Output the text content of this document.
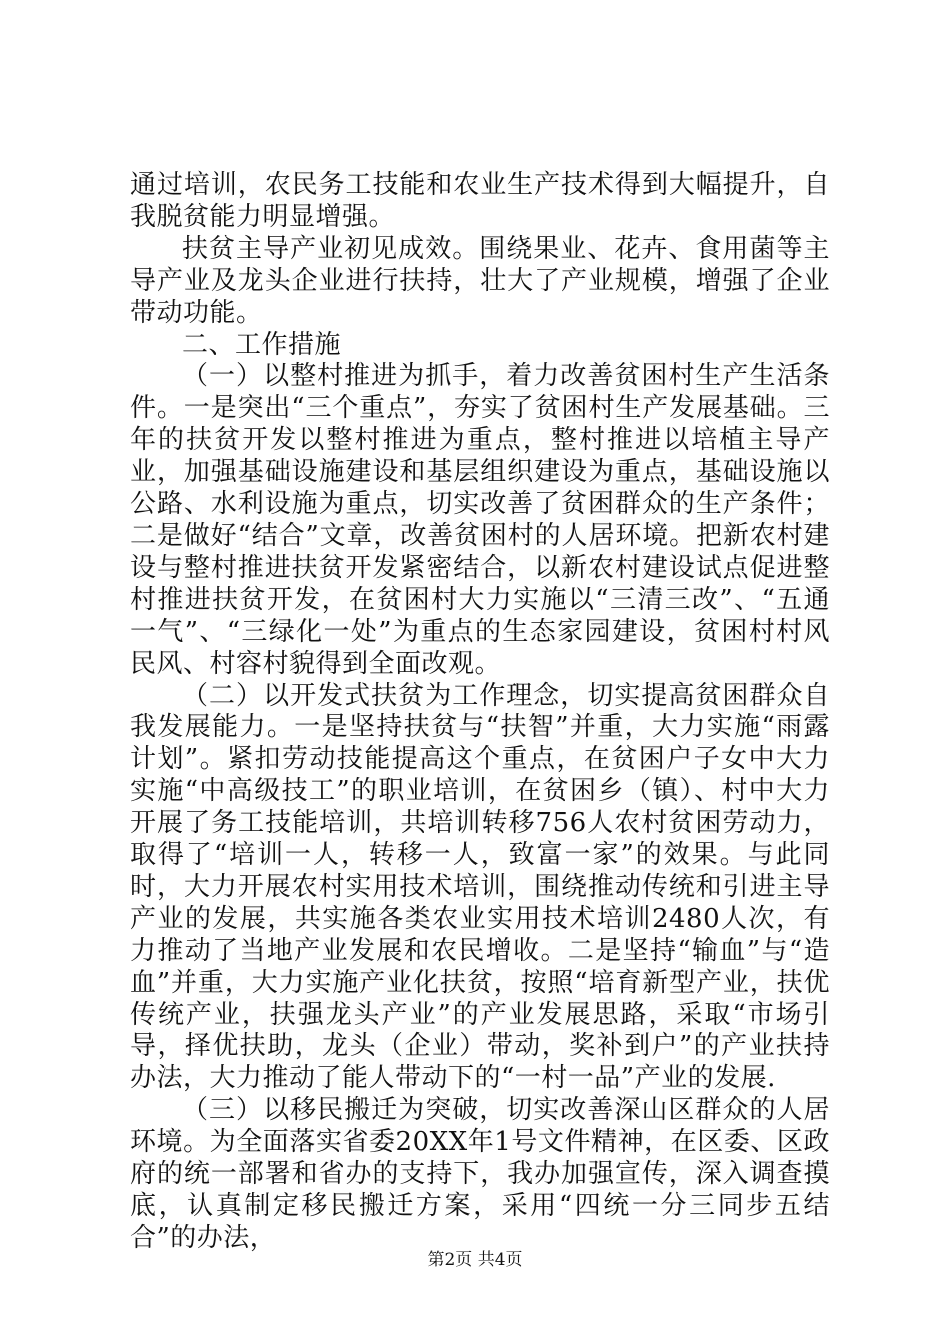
通过培训，农民务工技能和农业生产技术得到大幅提升，自我脱贫能力明显增强。

扶贫主导产业初见成效。围绕果业、花卉、食用菌等主导产业及龙头企业进行扶持，壮大了产业规模，增强了企业带动功能。

二、工作措施

（一）以整村推进为抓手，着力改善贫困村生产生活条件。一是突出“三个重点”，夯实了贫困村生产发展基础。三年的扶贫开发以整村推进为重点，整村推进以培植主导产业，加强基础设施建设和基层组织建设为重点，基础设施以公路、水利设施为重点，切实改善了贫困群众的生产条件；二是做好“结合”文章，改善贫困村的人居环境。把新农村建设与整村推进扶贫开发紧密结合，以新农村建设试点促进整村推进扶贫开发，在贫困村大力实施以“三清三改”、“五通一气”、“三绿化一处”为重点的生态家园建设，贫困村村风民风、村容村貌得到全面改观。

（二）以开发式扶贫为工作理念，切实提高贫困群众自我发展能力。一是坚持扶贫与“扶智”并重，大力实施“雨露计划”。紧扣劳动技能提高这个重点，在贫困户子女中大力实施“中高级技工”的职业培训，在贫困乡（镇）、村中大力开展了务工技能培训，共培训转移756人农村贫困劳动力，取得了“培训一人，转移一人，致富一家”的效果。与此同时，大力开展农村实用技术培训，围绕推动传统和引进主导产业的发展，共实施各类农业实用技术培训2480人次，有力推动了当地产业发展和农民增收。二是坚持“输血”与“造血”并重，大力实施产业化扶贫，按照“培育新型产业，扶优传统产业，扶强龙头产业”的产业发展思路，采取“市场引导，择优扶助，龙头（企业）带动，奖补到户”的产业扶持办法，大力推动了能人带动下的“一村一品”产业的发展.

（三）以移民搬迁为突破，切实改善深山区群众的人居环境。为全面落实省委20XX年1号文件精神，在区委、区政府的统一部署和省办的支持下，我办加强宣传，深入调查摸底，认真制定移民搬迁方案，采用“四统一分三同步五结合”的办法，

第2页 共4页
